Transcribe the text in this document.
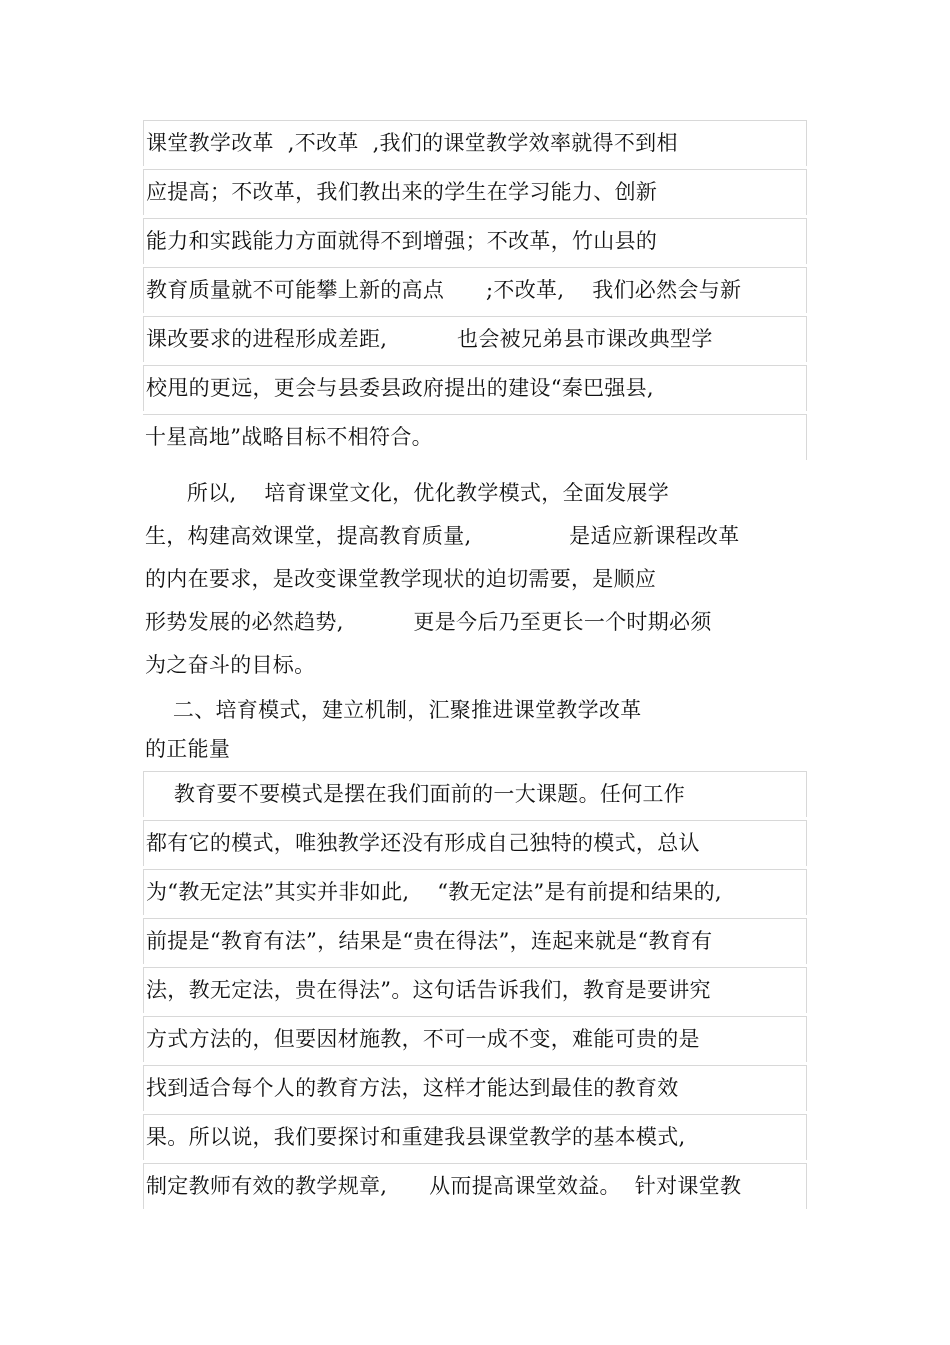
课堂教学改革  ,不改革  ,我们的课堂教学效率就得不到相
应提高；不改革，我们教出来的学生在学习能力、创新
能力和实践能力方面就得不到增强；不改革，竹山县的
教育质量就不可能攀上新的高点      ;不改革,    我们必然会与新
课改要求的进程形成差距,          也会被兄弟县市课改典型学
校甩的更远，更会与县委县政府提出的建设“秦巴强县,
十星高地”战略目标不相符合。
所以,    培育课堂文化，优化教学模式，全面发展学
生，构建高效课堂，提高教育质量,              是适应新课程改革
的内在要求，是改变课堂教学现状的迫切需要，是顺应
形势发展的必然趋势,          更是今后乃至更长一个时期必须
为之奋斗的目标。
二、培育模式，建立机制，汇聚推进课堂教学改革
的正能量
教育要不要模式是摆在我们面前的一大课题。任何工作
都有它的模式，唯独教学还没有形成自己独特的模式，总认
为“教无定法”其实并非如此,    “教无定法”是有前提和结果的,
前提是“教育有法”，结果是“贵在得法”，连起来就是“教育有
法，教无定法，贵在得法”。这句话告诉我们，教育是要讲究
方式方法的，但要因材施教，不可一成不变，难能可贵的是
找到适合每个人的教育方法，这样才能达到最佳的教育效
果。所以说，我们要探讨和重建我县课堂教学的基本模式,
制定教师有效的教学规章,      从而提高课堂效益。  针对课堂教
